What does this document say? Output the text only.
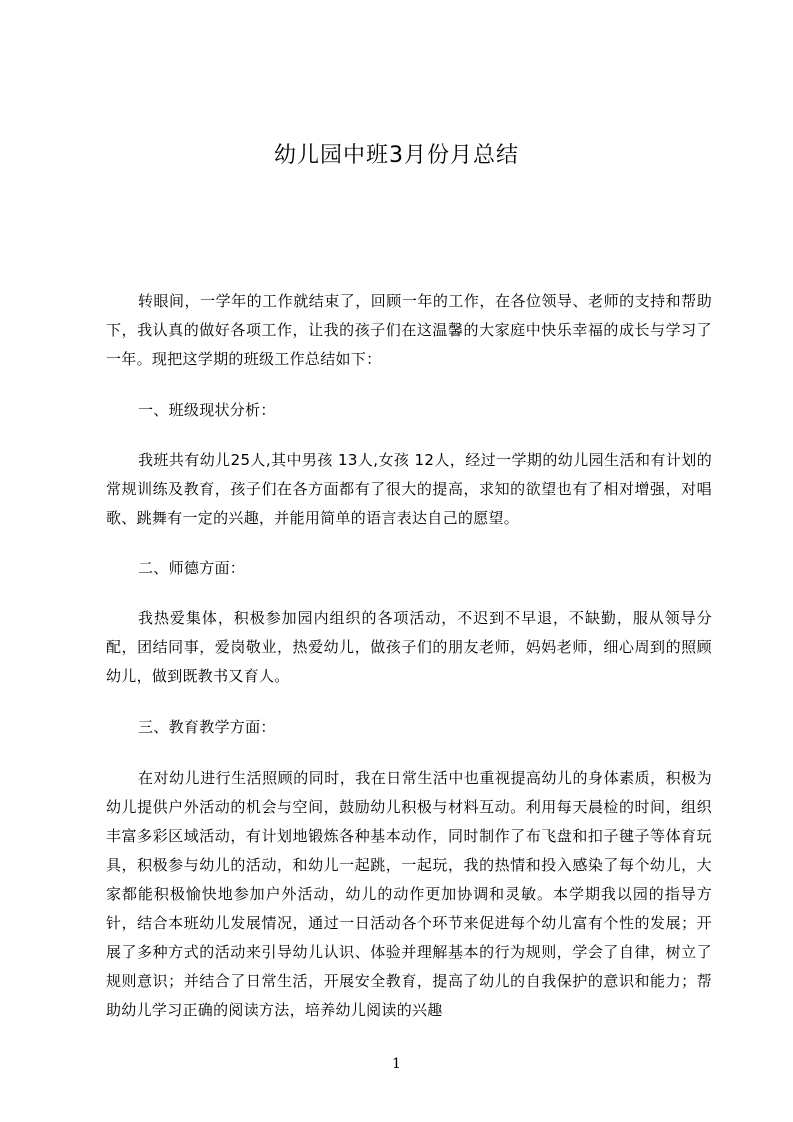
幼儿园中班3月份月总结

转眼间，一学年的工作就结束了，回顾一年的工作，在各位领导、老师的支持和帮助下，我认真的做好各项工作，让我的孩子们在这温馨的大家庭中快乐幸福的成长与学习了一年。现把这学期的班级工作总结如下：

一、班级现状分析：

我班共有幼儿25人,其中男孩 13人,女孩 12人，经过一学期的幼儿园生活和有计划的常规训练及教育，孩子们在各方面都有了很大的提高，求知的欲望也有了相对增强，对唱歌、跳舞有一定的兴趣，并能用简单的语言表达自己的愿望。

二、师德方面：

我热爱集体，积极参加园内组织的各项活动，不迟到不早退，不缺勤，服从领导分配，团结同事，爱岗敬业，热爱幼儿，做孩子们的朋友老师，妈妈老师，细心周到的照顾幼儿，做到既教书又育人。

三、教育教学方面：

在对幼儿进行生活照顾的同时，我在日常生活中也重视提高幼儿的身体素质，积极为幼儿提供户外活动的机会与空间，鼓励幼儿积极与材料互动。利用每天晨检的时间，组织丰富多彩区域活动，有计划地锻炼各种基本动作，同时制作了布飞盘和扣子毽子等体育玩具，积极参与幼儿的活动，和幼儿一起跳，一起玩，我的热情和投入感染了每个幼儿，大家都能积极愉快地参加户外活动，幼儿的动作更加协调和灵敏。本学期我以园的指导方针，结合本班幼儿发展情况，通过一日活动各个环节来促进每个幼儿富有个性的发展；开展了多种方式的活动来引导幼儿认识、体验并理解基本的行为规则，学会了自律，树立了规则意识；并结合了日常生活，开展安全教育，提高了幼儿的自我保护的意识和能力；帮助幼儿学习正确的阅读方法，培养幼儿阅读的兴趣

1
